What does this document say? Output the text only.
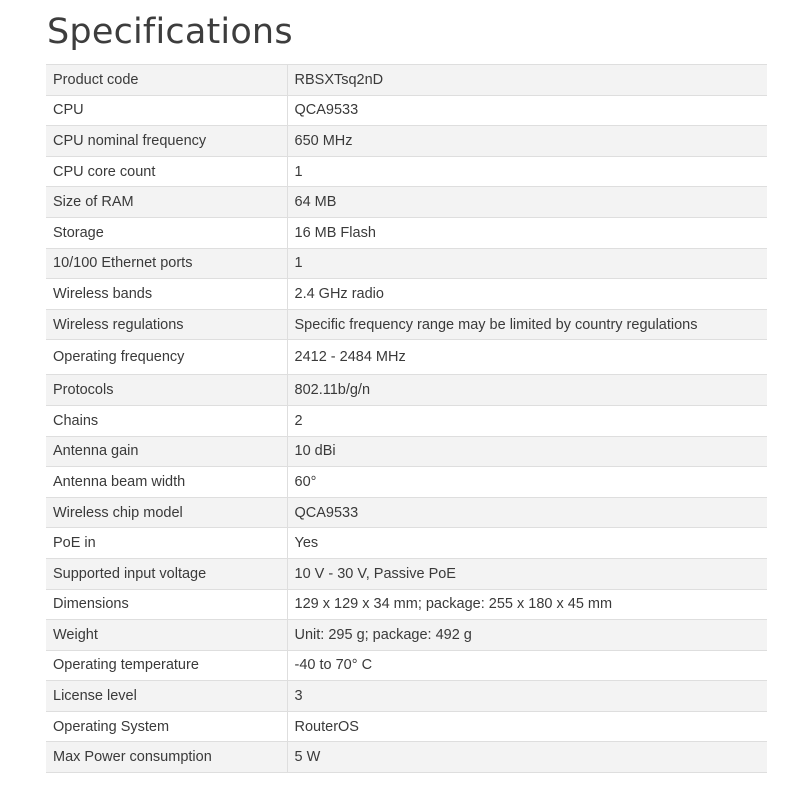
Specifications
Product code	RBSXTsq2nD
CPU	QCA9533
CPU nominal frequency	650 MHz
CPU core count	1
Size of RAM	64 MB
Storage	16 MB Flash
10/100 Ethernet ports	1
Wireless bands	2.4 GHz radio
Wireless regulations	Specific frequency range may be limited by country regulations
Operating frequency	2412 - 2484 MHz
Protocols	802.11b/g/n
Chains	2
Antenna gain	10 dBi
Antenna beam width	60°
Wireless chip model	QCA9533
PoE in	Yes
Supported input voltage	10 V - 30 V, Passive PoE
Dimensions	129 x 129 x 34 mm; package: 255 x 180 x 45 mm
Weight	Unit: 295 g; package: 492 g
Operating temperature	-40 to 70° C
License level	3
Operating System	RouterOS
Max Power consumption	5 W
